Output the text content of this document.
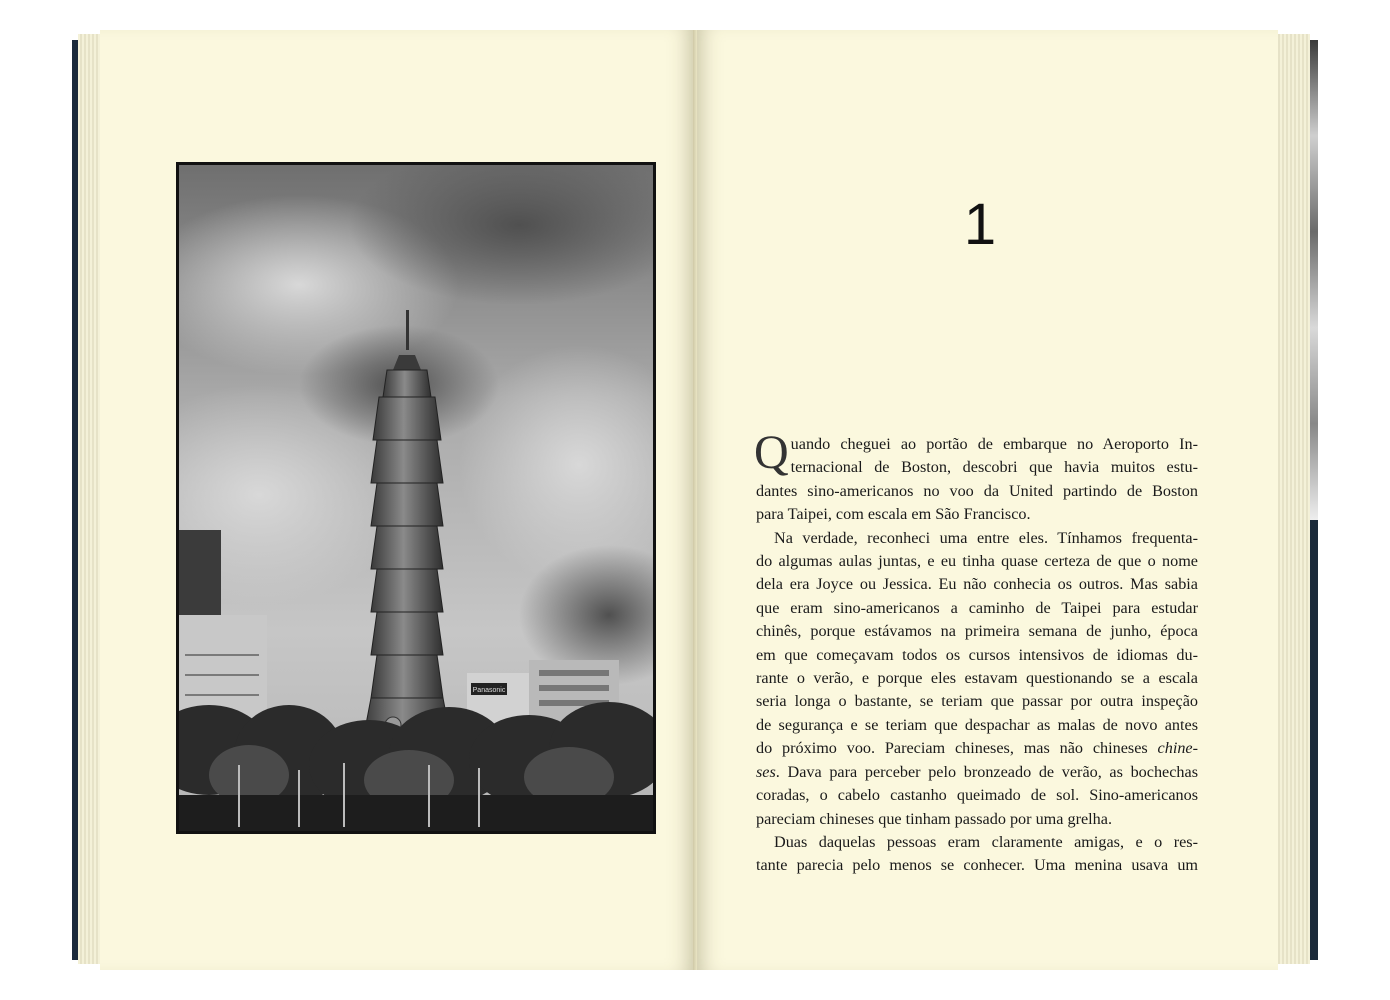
Panasonic
1

Q uando cheguei ao portão de embarque no Aeroporto In-
ternacional de Boston, descobri que havia muitos estu-
dantes sino-americanos no voo da United partindo de Boston
para Taipei, com escala em São Francisco.

Na verdade, reconheci uma entre eles. Tínhamos frequenta-
do algumas aulas juntas, e eu tinha quase certeza de que o nome
dela era Joyce ou Jessica. Eu não conhecia os outros. Mas sabia
que eram sino-americanos a caminho de Taipei para estudar
chinês, porque estávamos na primeira semana de junho, época
em que começavam todos os cursos intensivos de idiomas du-
rante o verão, e porque eles estavam questionando se a escala
seria longa o bastante, se teriam que passar por outra inspeção
de segurança e se teriam que despachar as malas de novo antes
do próximo voo. Pareciam chineses, mas não chineses chine-
ses. Dava para perceber pelo bronzeado de verão, as bochechas
coradas, o cabelo castanho queimado de sol. Sino-americanos
pareciam chineses que tinham passado por uma grelha.

Duas daquelas pessoas eram claramente amigas, e o res-
tante parecia pelo menos se conhecer. Uma menina usava um
